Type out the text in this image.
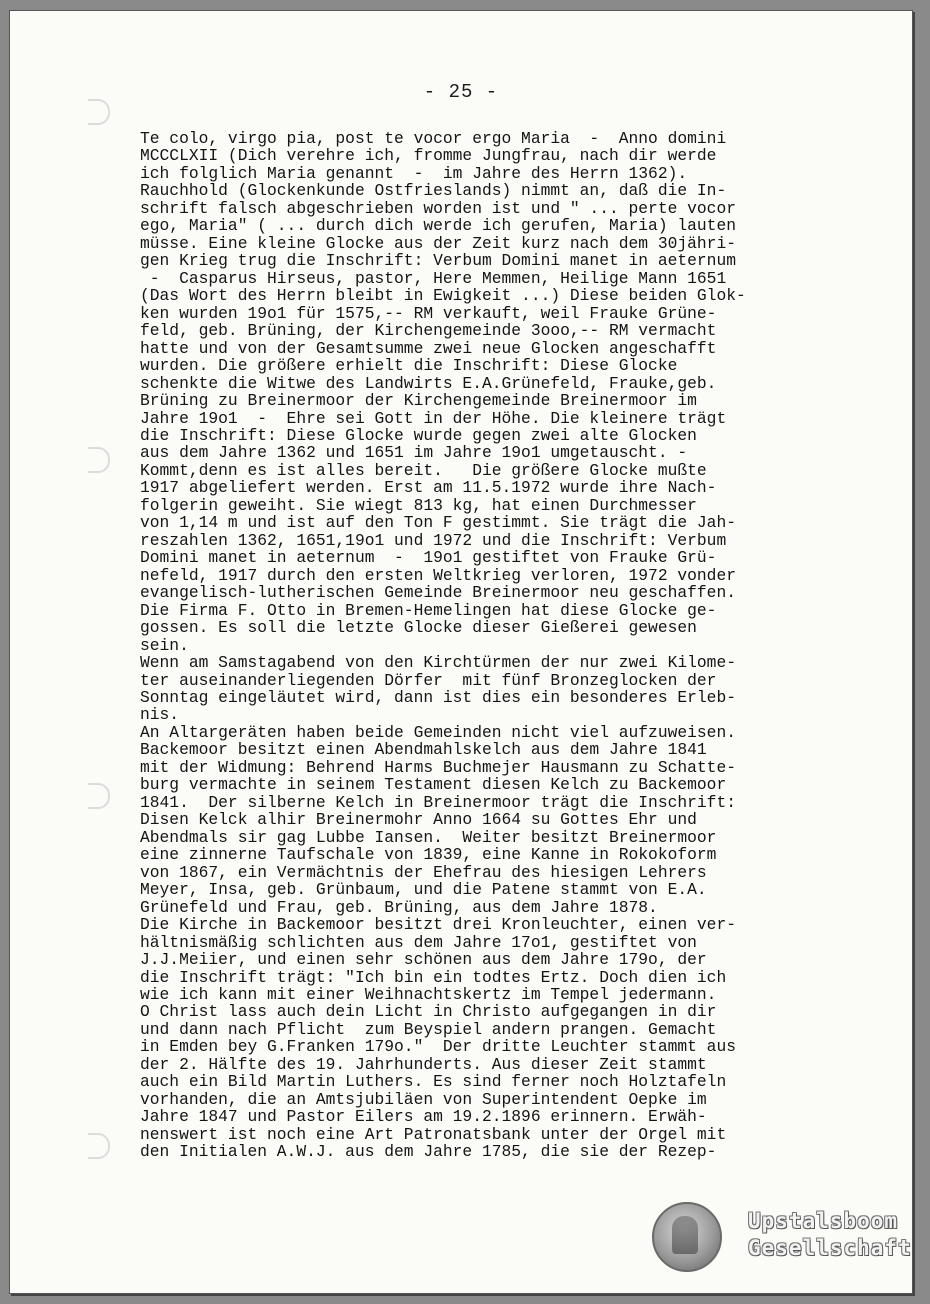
- 25 -
Te colo, virgo pia, post te vocor ergo Maria  -  Anno domini
MCCCLXII (Dich verehre ich, fromme Jungfrau, nach dir werde
ich folglich Maria genannt  -  im Jahre des Herrn 1362).
Rauchhold (Glockenkunde Ostfrieslands) nimmt an, daß die In-
schrift falsch abgeschrieben worden ist und " ... perte vocor
ego, Maria" ( ... durch dich werde ich gerufen, Maria) lauten
müsse. Eine kleine Glocke aus der Zeit kurz nach dem 30jähri-
gen Krieg trug die Inschrift: Verbum Domini manet in aeternum
-  Casparus Hirseus, pastor, Here Memmen, Heilige Mann 1651
(Das Wort des Herrn bleibt in Ewigkeit ...) Diese beiden Glok-
ken wurden 19o1 für 1575,-- RM verkauft, weil Frauke Grüne-
feld, geb. Brüning, der Kirchengemeinde 3ooo,-- RM vermacht
hatte und von der Gesamtsumme zwei neue Glocken angeschafft
wurden. Die größere erhielt die Inschrift: Diese Glocke
schenkte die Witwe des Landwirts E.A.Grünefeld, Frauke,geb.
Brüning zu Breinermoor der Kirchengemeinde Breinermoor im
Jahre 19o1  -  Ehre sei Gott in der Höhe. Die kleinere trägt
die Inschrift: Diese Glocke wurde gegen zwei alte Glocken
aus dem Jahre 1362 und 1651 im Jahre 19o1 umgetauscht. -
Kommt,denn es ist alles bereit.   Die größere Glocke mußte
1917 abgeliefert werden. Erst am 11.5.1972 wurde ihre Nach-
folgerin geweiht. Sie wiegt 813 kg, hat einen Durchmesser
von 1,14 m und ist auf den Ton F gestimmt. Sie trägt die Jah-
reszahlen 1362, 1651,19o1 und 1972 und die Inschrift: Verbum
Domini manet in aeternum  -  19o1 gestiftet von Frauke Grü-
nefeld, 1917 durch den ersten Weltkrieg verloren, 1972 vonder
evangelisch-lutherischen Gemeinde Breinermoor neu geschaffen.
Die Firma F. Otto in Bremen-Hemelingen hat diese Glocke ge-
gossen. Es soll die letzte Glocke dieser Gießerei gewesen
sein.
Wenn am Samstagabend von den Kirchtürmen der nur zwei Kilome-
ter auseinanderliegenden Dörfer  mit fünf Bronzeglocken der
Sonntag eingeläutet wird, dann ist dies ein besonderes Erleb-
nis.
An Altargeräten haben beide Gemeinden nicht viel aufzuweisen.
Backemoor besitzt einen Abendmahlskelch aus dem Jahre 1841
mit der Widmung: Behrend Harms Buchmejer Hausmann zu Schatte-
burg vermachte in seinem Testament diesen Kelch zu Backemoor
1841.  Der silberne Kelch in Breinermoor trägt die Inschrift:
Disen Kelck alhir Breinermohr Anno 1664 su Gottes Ehr und
Abendmals sir gag Lubbe Iansen.  Weiter besitzt Breinermoor
eine zinnerne Taufschale von 1839, eine Kanne in Rokokoform
von 1867, ein Vermächtnis der Ehefrau des hiesigen Lehrers
Meyer, Insa, geb. Grünbaum, und die Patene stammt von E.A.
Grünefeld und Frau, geb. Brüning, aus dem Jahre 1878.
Die Kirche in Backemoor besitzt drei Kronleuchter, einen ver-
hältnismäßig schlichten aus dem Jahre 17o1, gestiftet von
J.J.Meiier, und einen sehr schönen aus dem Jahre 179o, der
die Inschrift trägt: "Ich bin ein todtes Ertz. Doch dien ich
wie ich kann mit einer Weihnachtskertz im Tempel jedermann.
O Christ lass auch dein Licht in Christo aufgegangen in dir
und dann nach Pflicht  zum Beyspiel andern prangen. Gemacht
in Emden bey G.Franken 179o."  Der dritte Leuchter stammt aus
der 2. Hälfte des 19. Jahrhunderts. Aus dieser Zeit stammt
auch ein Bild Martin Luthers. Es sind ferner noch Holztafeln
vorhanden, die an Amtsjubiläen von Superintendent Oepke im
Jahre 1847 und Pastor Eilers am 19.2.1896 erinnern. Erwäh-
nenswert ist noch eine Art Patronatsbank unter der Orgel mit
den Initialen A.W.J. aus dem Jahre 1785, die sie der Rezep-
Upstalsboom
Gesellschaft
